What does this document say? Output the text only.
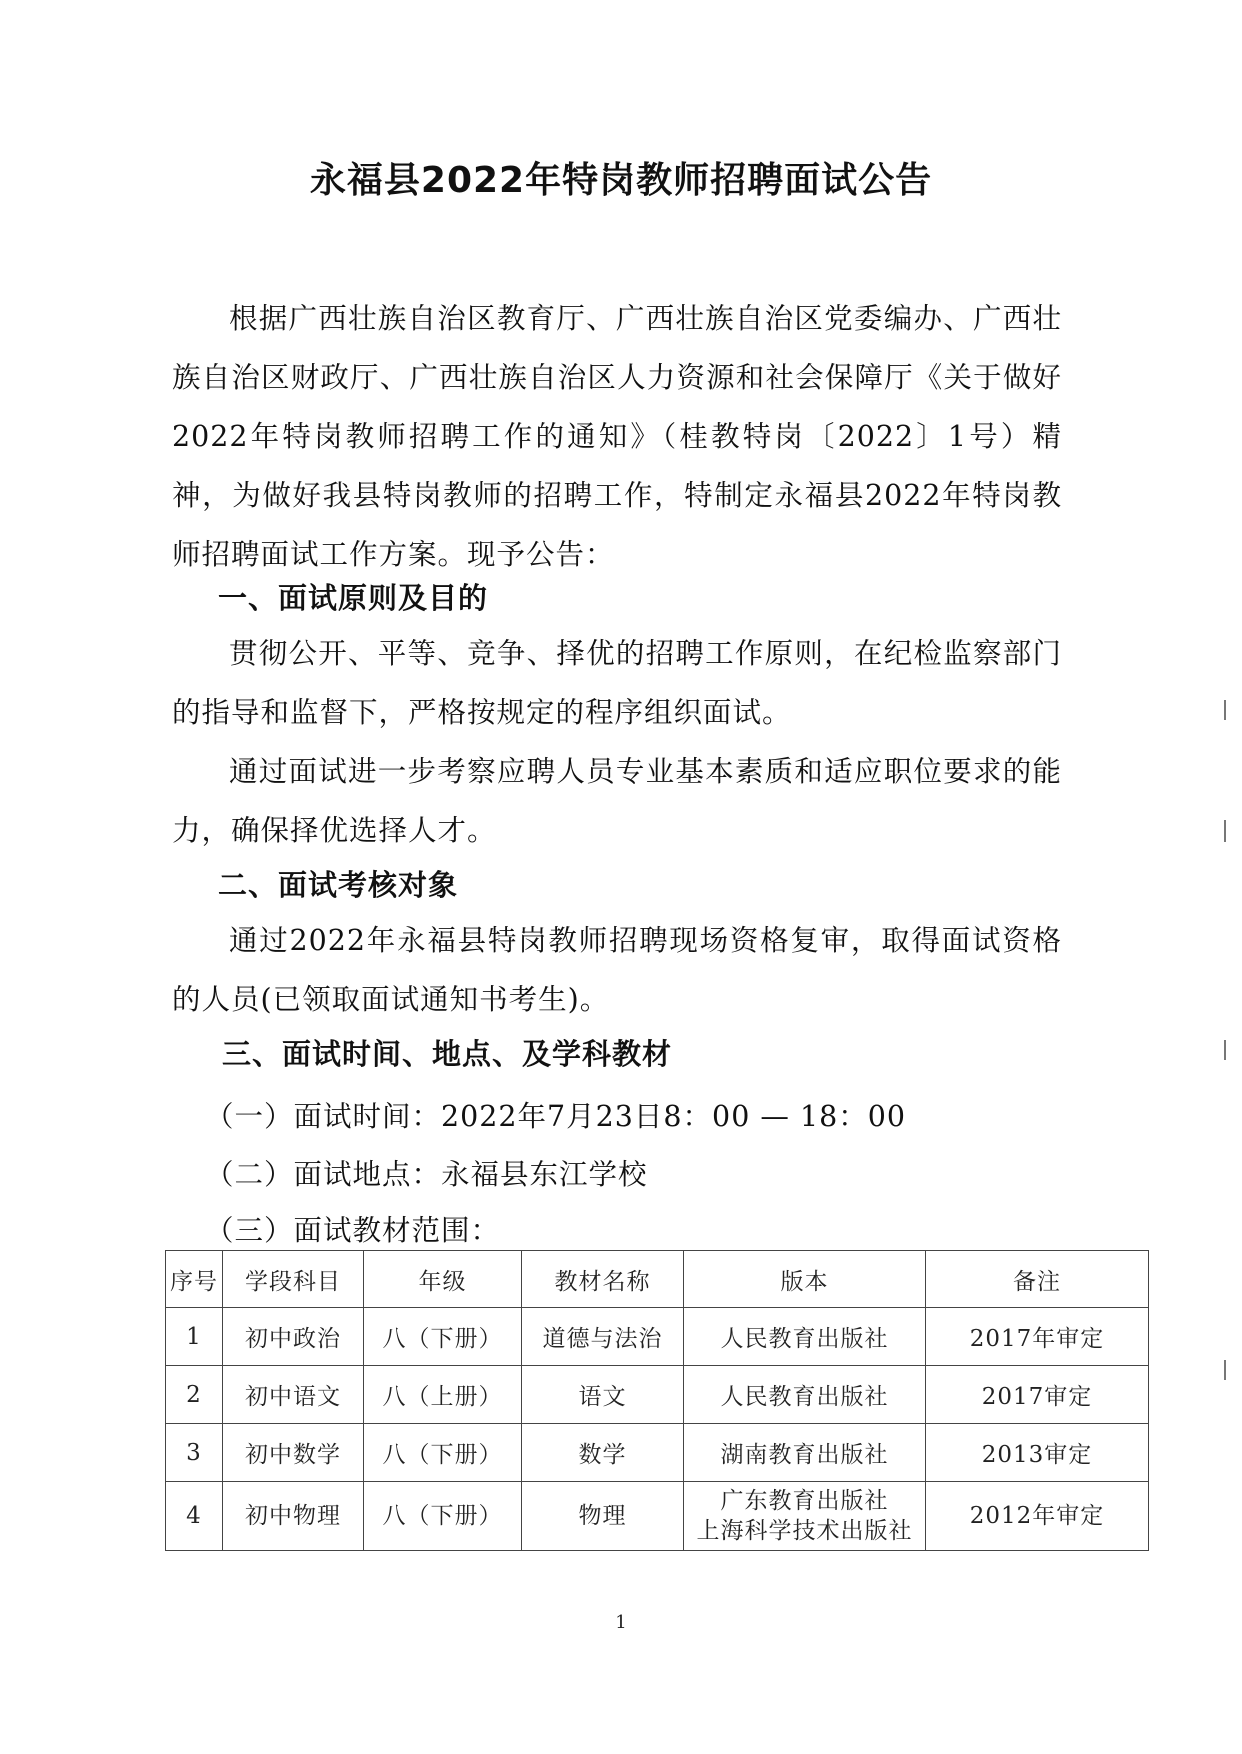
永福县2022年特岗教师招聘面试公告

根据广西壮族自治区教育厅、广西壮族自治区党委编办、广西壮族自治区财政厅、广西壮族自治区人力资源和社会保障厅《关于做好2022年特岗教师招聘工作的通知》（桂教特岗〔2022〕1号）精神，为做好我县特岗教师的招聘工作，特制定永福县2022年特岗教师招聘面试工作方案。现予公告：

一、面试原则及目的

贯彻公开、平等、竞争、择优的招聘工作原则，在纪检监察部门的指导和监督下，严格按规定的程序组织面试。

通过面试进一步考察应聘人员专业基本素质和适应职位要求的能力，确保择优选择人才。

二、面试考核对象

通过2022年永福县特岗教师招聘现场资格复审，取得面试资格的人员(已领取面试通知书考生)。

三、面试时间、地点、及学科教材
（一）面试时间：2022年7月23日8：00 — 18：00
（二）面试地点：永福县东江学校
（三）面试教材范围：
序号	学段科目	年级	教材名称	版本	备注
1	初中政治	八（下册）	道德与法治	人民教育出版社	2017年审定
2	初中语文	八（上册）	语文	人民教育出版社	2017审定
3	初中数学	八（下册）	数学	湖南教育出版社	2013审定
4	初中物理	八（下册）	物理	广东教育出版社
上海科学技术出版社	2012年审定
1
